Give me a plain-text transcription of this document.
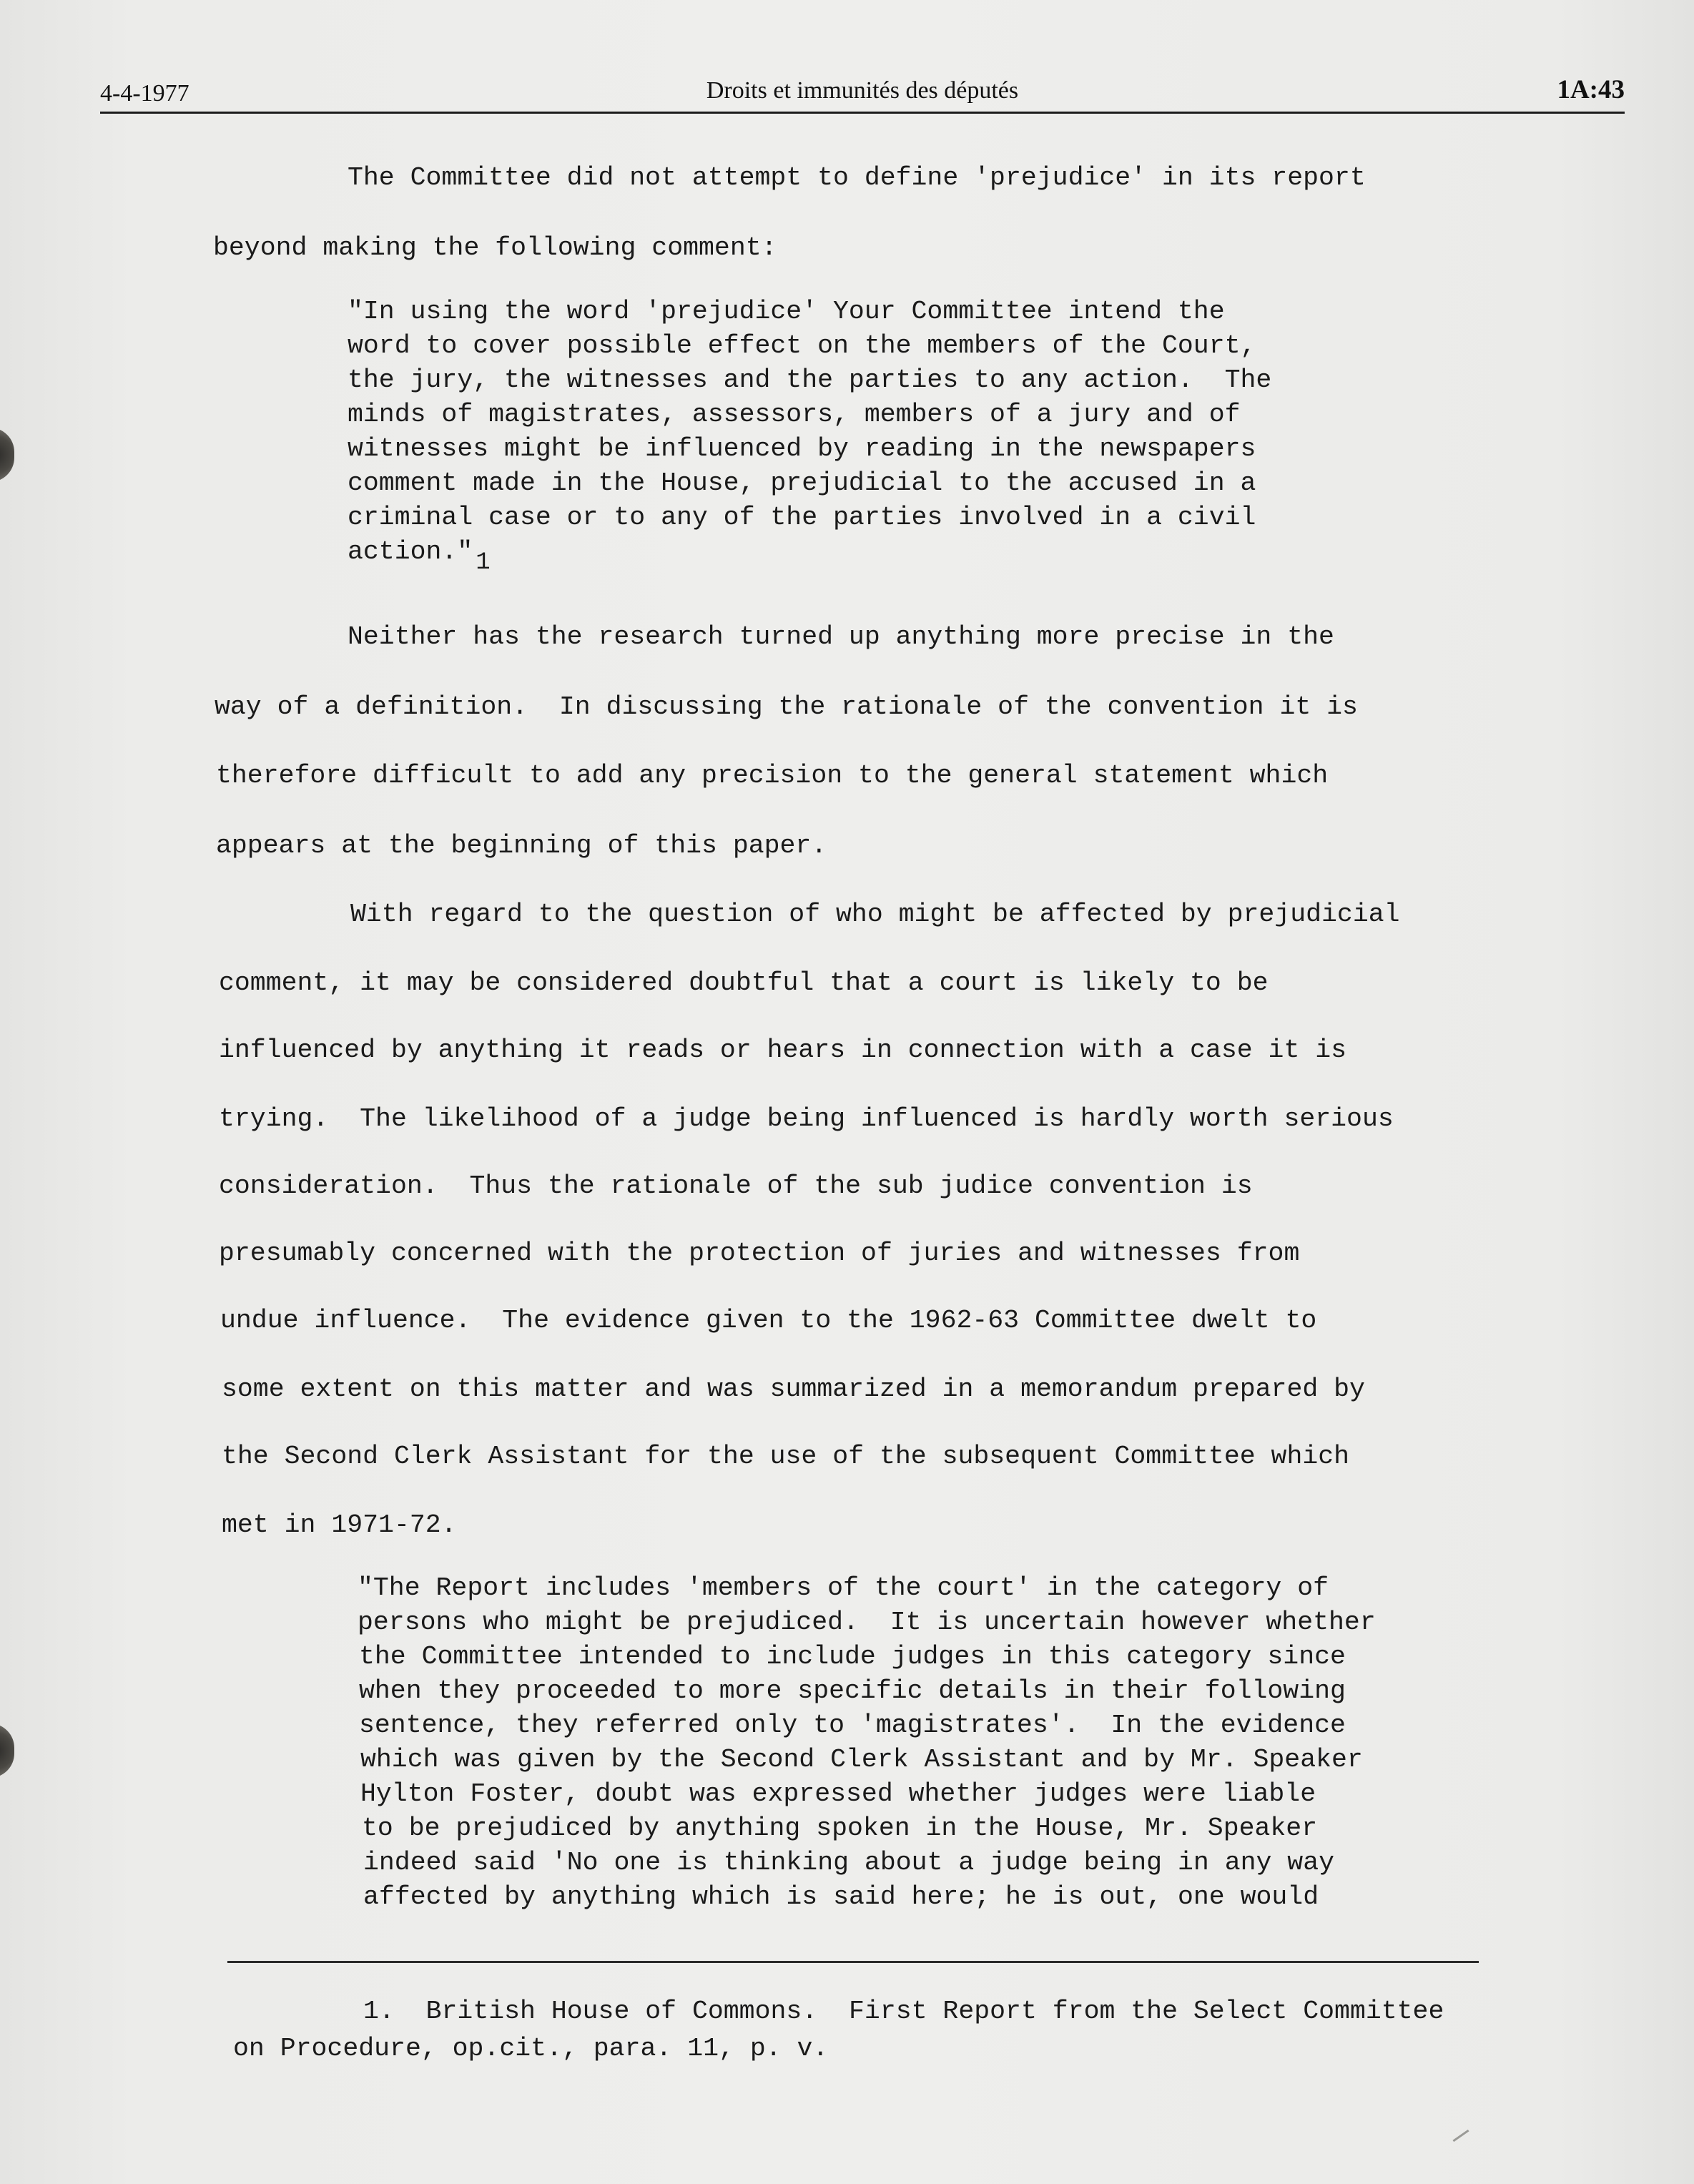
4-4-1977	Droits et immunités des députés	1A:43
The Committee did not attempt to define 'prejudice' in its report
beyond making the following comment:
"In using the word 'prejudice' Your Committee intend the
word to cover possible effect on the members of the Court,
the jury, the witnesses and the parties to any action.  The
minds of magistrates, assessors, members of a jury and of
witnesses might be influenced by reading in the newspapers
comment made in the House, prejudicial to the accused in a
criminal case or to any of the parties involved in a civil
action." 1
Neither has the research turned up anything more precise in the
way of a definition.  In discussing the rationale of the convention it is
therefore difficult to add any precision to the general statement which
appears at the beginning of this paper.
With regard to the question of who might be affected by prejudicial
comment, it may be considered doubtful that a court is likely to be
influenced by anything it reads or hears in connection with a case it is
trying.  The likelihood of a judge being influenced is hardly worth serious
consideration.  Thus the rationale of the sub judice convention is
presumably concerned with the protection of juries and witnesses from
undue influence.  The evidence given to the 1962-63 Committee dwelt to
some extent on this matter and was summarized in a memorandum prepared by
the Second Clerk Assistant for the use of the subsequent Committee which
met in 1971-72.
"The Report includes 'members of the court' in the category of
persons who might be prejudiced.  It is uncertain however whether
the Committee intended to include judges in this category since
when they proceeded to more specific details in their following
sentence, they referred only to 'magistrates'.  In the evidence
which was given by the Second Clerk Assistant and by Mr. Speaker
Hylton Foster, doubt was expressed whether judges were liable
to be prejudiced by anything spoken in the House, Mr. Speaker
indeed said 'No one is thinking about a judge being in any way
affected by anything which is said here; he is out, one would
1.  British House of Commons.  First Report from the Select Committee
on Procedure, op.cit., para. 11, p. v.
